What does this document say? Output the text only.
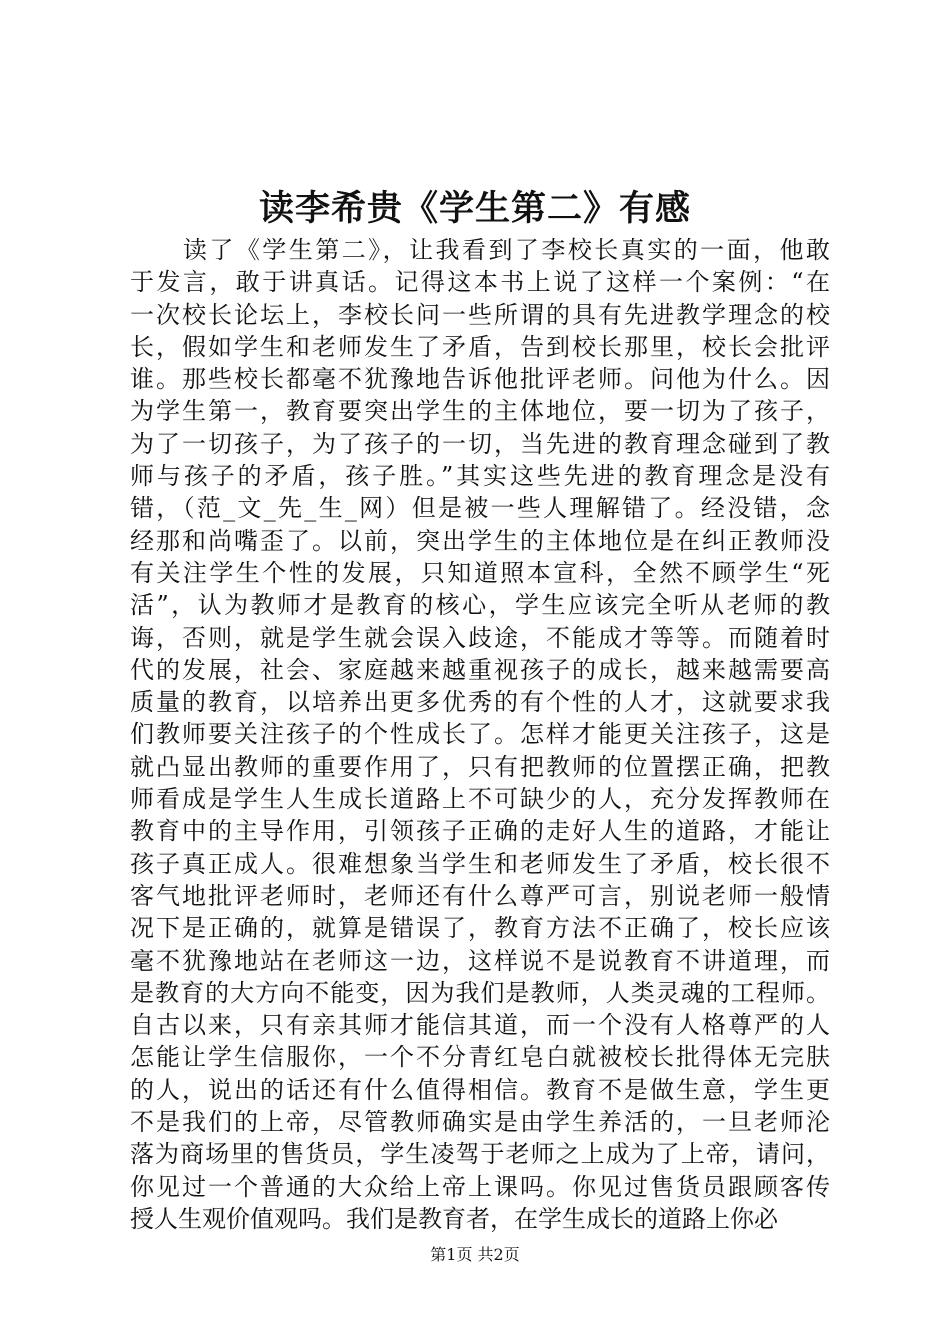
读李希贵《学生第二》有感
　　读了《学生第二》，让我看到了李校长真实的一面，他敢
于发言，敢于讲真话。记得这本书上说了这样一个案例：“在
一次校长论坛上，李校长问一些所谓的具有先进教学理念的校
长，假如学生和老师发生了矛盾，告到校长那里，校长会批评
谁。那些校长都毫不犹豫地告诉他批评老师。问他为什么。因
为学生第一，教育要突出学生的主体地位，要一切为了孩子，
为了一切孩子，为了孩子的一切，当先进的教育理念碰到了教
师与孩子的矛盾，孩子胜。”其实这些先进的教育理念是没有
错，（范_文_先_生_网）但是被一些人理解错了。经没错，念
经那和尚嘴歪了。以前，突出学生的主体地位是在纠正教师没
有关注学生个性的发展，只知道照本宣科，全然不顾学生“死
活”，认为教师才是教育的核心，学生应该完全听从老师的教
诲，否则，就是学生就会误入歧途，不能成才等等。而随着时
代的发展，社会、家庭越来越重视孩子的成长，越来越需要高
质量的教育，以培养出更多优秀的有个性的人才，这就要求我
们教师要关注孩子的个性成长了。怎样才能更关注孩子，这是
就凸显出教师的重要作用了，只有把教师的位置摆正确，把教
师看成是学生人生成长道路上不可缺少的人，充分发挥教师在
教育中的主导作用，引领孩子正确的走好人生的道路，才能让
孩子真正成人。很难想象当学生和老师发生了矛盾，校长很不
客气地批评老师时，老师还有什么尊严可言，别说老师一般情
况下是正确的，就算是错误了，教育方法不正确了，校长应该
毫不犹豫地站在老师这一边，这样说不是说教育不讲道理，而
是教育的大方向不能变，因为我们是教师，人类灵魂的工程师。
自古以来，只有亲其师才能信其道，而一个没有人格尊严的人
怎能让学生信服你，一个不分青红皂白就被校长批得体无完肤
的人，说出的话还有什么值得相信。教育不是做生意，学生更
不是我们的上帝，尽管教师确实是由学生养活的，一旦老师沦
落为商场里的售货员，学生凌驾于老师之上成为了上帝，请问，
你见过一个普通的大众给上帝上课吗。你见过售货员跟顾客传
授人生观价值观吗。我们是教育者，在学生成长的道路上你必
第1页 共2页
